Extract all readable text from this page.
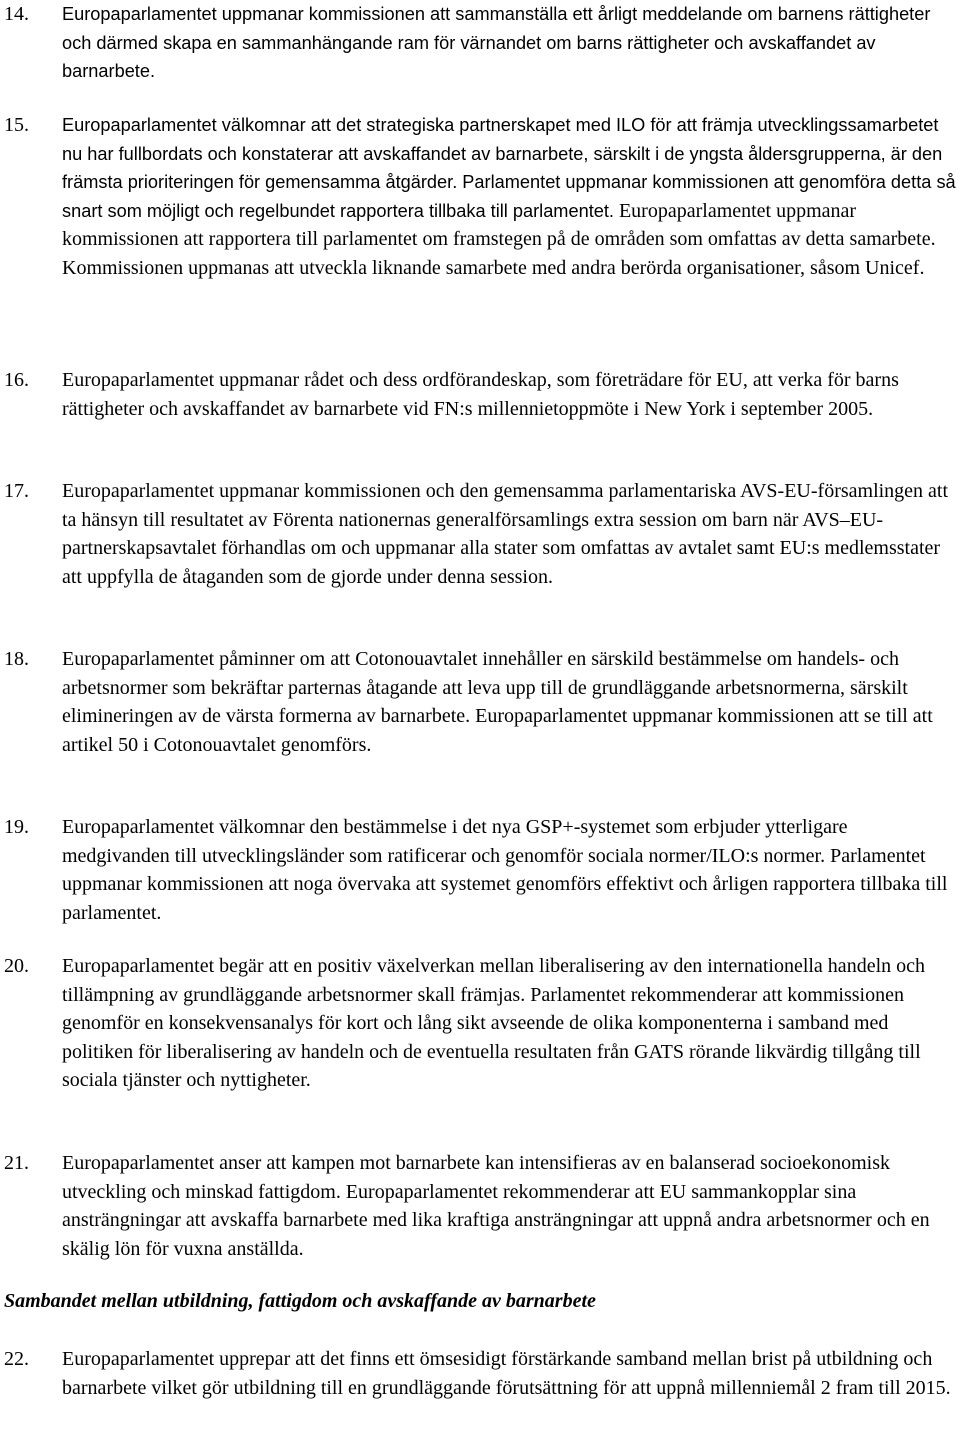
14. Europaparlamentet uppmanar kommissionen att sammanställa ett årligt meddelande om barnens rättigheter och därmed skapa en sammanhängande ram för värnandet om barns rättigheter och avskaffandet av barnarbete.

15. Europaparlamentet välkomnar att det strategiska partnerskapet med ILO för att främja utvecklingssamarbetet nu har fullbordats och konstaterar att avskaffandet av barnarbete, särskilt i de yngsta åldersgrupperna, är den främsta prioriteringen för gemensamma åtgärder. Parlamentet uppmanar kommissionen att genomföra detta så snart som möjligt och regelbundet rapportera tillbaka till parlamentet. Europaparlamentet uppmanar kommissionen att rapportera till parlamentet om framstegen på de områden som omfattas av detta samarbete. Kommissionen uppmanas att utveckla liknande samarbete med andra berörda organisationer, såsom Unicef.

16. Europaparlamentet uppmanar rådet och dess ordförandeskap, som företrädare för EU, att verka för barns rättigheter och avskaffandet av barnarbete vid FN:s millennietoppmöte i New York i september 2005.

17. Europaparlamentet uppmanar kommissionen och den gemensamma parlamentariska AVS-EU-församlingen att ta hänsyn till resultatet av Förenta nationernas generalförsamlings extra session om barn när AVS–EU-partnerskapsavtalet förhandlas om och uppmanar alla stater som omfattas av avtalet samt EU:s medlemsstater att uppfylla de åtaganden som de gjorde under denna session.

18. Europaparlamentet påminner om att Cotonouavtalet innehåller en särskild bestämmelse om handels- och arbetsnormer som bekräftar parternas åtagande att leva upp till de grundläggande arbetsnormerna, särskilt elimineringen av de värsta formerna av barnarbete. Europaparlamentet uppmanar kommissionen att se till att artikel 50 i Cotonouavtalet genomförs.

19. Europaparlamentet välkomnar den bestämmelse i det nya GSP+-systemet som erbjuder ytterligare medgivanden till utvecklingsländer som ratificerar och genomför sociala normer/ILO:s normer. Parlamentet uppmanar kommissionen att noga övervaka att systemet genomförs effektivt och årligen rapportera tillbaka till parlamentet.

20. Europaparlamentet begär att en positiv växelverkan mellan liberalisering av den internationella handeln och tillämpning av grundläggande arbetsnormer skall främjas. Parlamentet rekommenderar att kommissionen genomför en konsekvensanalys för kort och lång sikt avseende de olika komponenterna i samband med politiken för liberalisering av handeln och de eventuella resultaten från GATS rörande likvärdig tillgång till sociala tjänster och nyttigheter.

21. Europaparlamentet anser att kampen mot barnarbete kan intensifieras av en balanserad socioekonomisk utveckling och minskad fattigdom. Europaparlamentet rekommenderar att EU sammankopplar sina ansträngningar att avskaffa barnarbete med lika kraftiga ansträngningar att uppnå andra arbetsnormer och en skälig lön för vuxna anställda.

Sambandet mellan utbildning, fattigdom och avskaffande av barnarbete
22. Europaparlamentet upprepar att det finns ett ömsesidigt förstärkande samband mellan brist på utbildning och barnarbete vilket gör utbildning till en grundläggande förutsättning för att uppnå millenniemål 2 fram till 2015.
